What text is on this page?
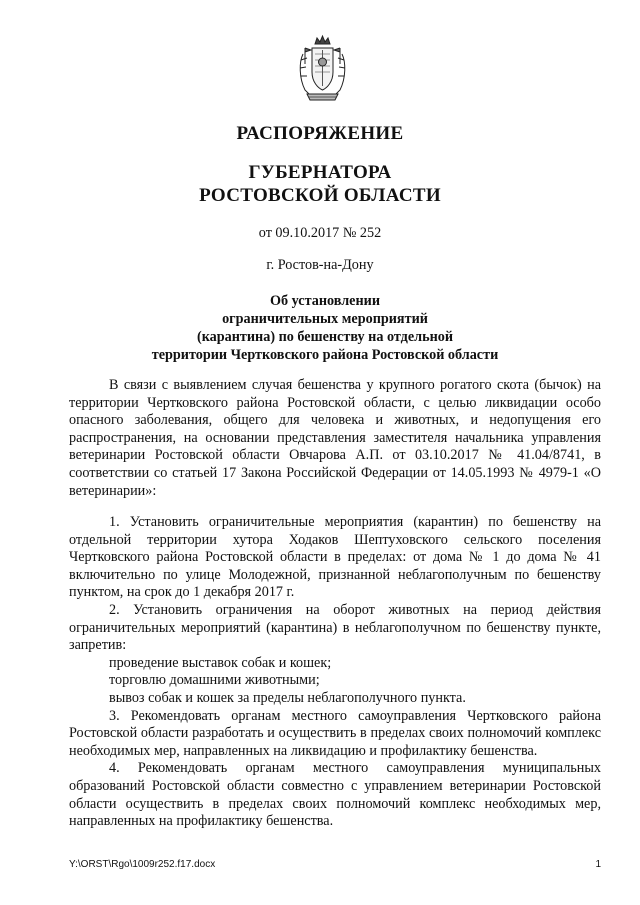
РАСПОРЯЖЕНИЕ
ГУБЕРНАТОРА
РОСТОВСКОЙ ОБЛАСТИ
от 09.10.2017 № 252
г. Ростов-на-Дону
Об установлении
ограничительных мероприятий
(карантина) по бешенству на отдельной
территории Чертковского района Ростовской области

В связи с выявлением случая бешенства у крупного рогатого скота (бычок) на территории Чертковского района Ростовской области, с целью ликвидации особо опасного заболевания, общего для человека и животных, и недопущения его распространения, на основании представления заместителя начальника управления ветеринарии Ростовской области Овчарова А.П. от 03.10.2017 № 41.04/8741, в соответствии со статьей 17 Закона Российской Федерации от 14.05.1993 № 4979-1 «О ветеринарии»:

1. Установить ограничительные мероприятия (карантин) по бешенству на отдельной территории хутора Ходаков Шептуховского сельского поселения Чертковского района Ростовской области в пределах: от дома № 1 до дома № 41 включительно по улице Молодежной, признанной неблагополучным по бешенству пунктом, на срок до 1 декабря 2017 г.

2. Установить ограничения на оборот животных на период действия ограничительных мероприятий (карантина) в неблагополучном по бешенству пункте, запретив:

проведение выставок собак и кошек;

торговлю домашними животными;

вывоз собак и кошек за пределы неблагополучного пункта.

3. Рекомендовать органам местного самоуправления Чертковского района Ростовской области разработать и осуществить в пределах своих полномочий комплекс необходимых мер, направленных на ликвидацию и профилактику бешенства.

4. Рекомендовать органам местного самоуправления муниципальных образований Ростовской области совместно с управлением ветеринарии Ростовской области осуществить в пределах своих полномочий комплекс необходимых мер, направленных на профилактику бешенства.

Y:\ORST\Rgo\1009r252.f17.docx	1
